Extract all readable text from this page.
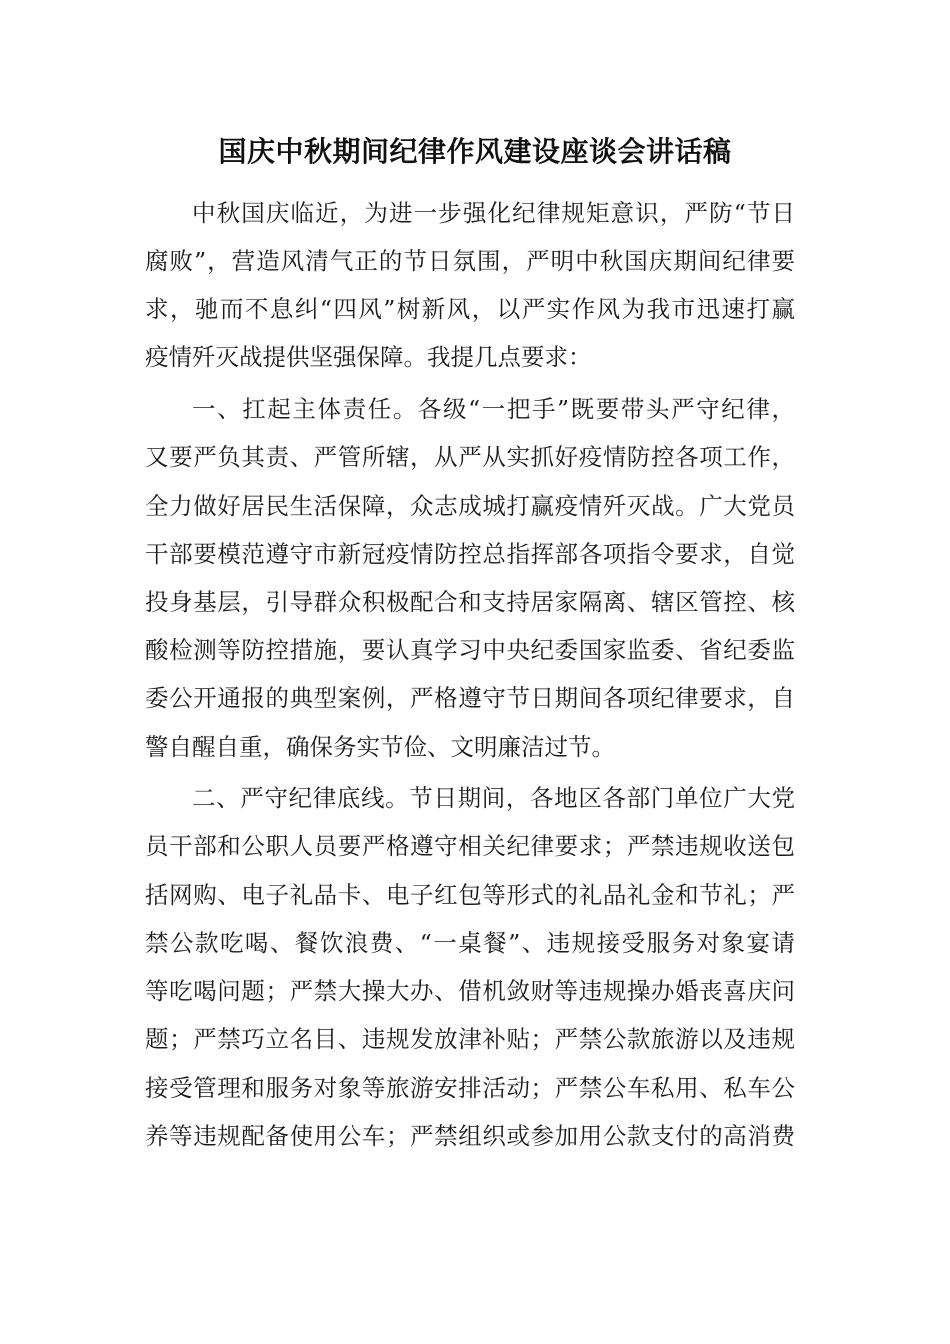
国庆中秋期间纪律作风建设座谈会讲话稿
中秋国庆临近，为进一步强化纪律规矩意识，严防“节日
腐败”，营造风清气正的节日氛围，严明中秋国庆期间纪律要
求，驰而不息纠“四风”树新风，以严实作风为我市迅速打赢
疫情歼灭战提供坚强保障。我提几点要求：
一、扛起主体责任。各级“一把手”既要带头严守纪律，
又要严负其责、严管所辖，从严从实抓好疫情防控各项工作，
全力做好居民生活保障，众志成城打赢疫情歼灭战。广大党员
干部要模范遵守市新冠疫情防控总指挥部各项指令要求，自觉
投身基层，引导群众积极配合和支持居家隔离、辖区管控、核
酸检测等防控措施，要认真学习中央纪委国家监委、省纪委监
委公开通报的典型案例，严格遵守节日期间各项纪律要求，自
警自醒自重，确保务实节俭、文明廉洁过节。
二、严守纪律底线。节日期间，各地区各部门单位广大党
员干部和公职人员要严格遵守相关纪律要求；严禁违规收送包
括网购、电子礼品卡、电子红包等形式的礼品礼金和节礼；严
禁公款吃喝、餐饮浪费、“一桌餐”、违规接受服务对象宴请
等吃喝问题；严禁大操大办、借机敛财等违规操办婚丧喜庆问
题；严禁巧立名目、违规发放津补贴；严禁公款旅游以及违规
接受管理和服务对象等旅游安排活动；严禁公车私用、私车公
养等违规配备使用公车；严禁组织或参加用公款支付的高消费
